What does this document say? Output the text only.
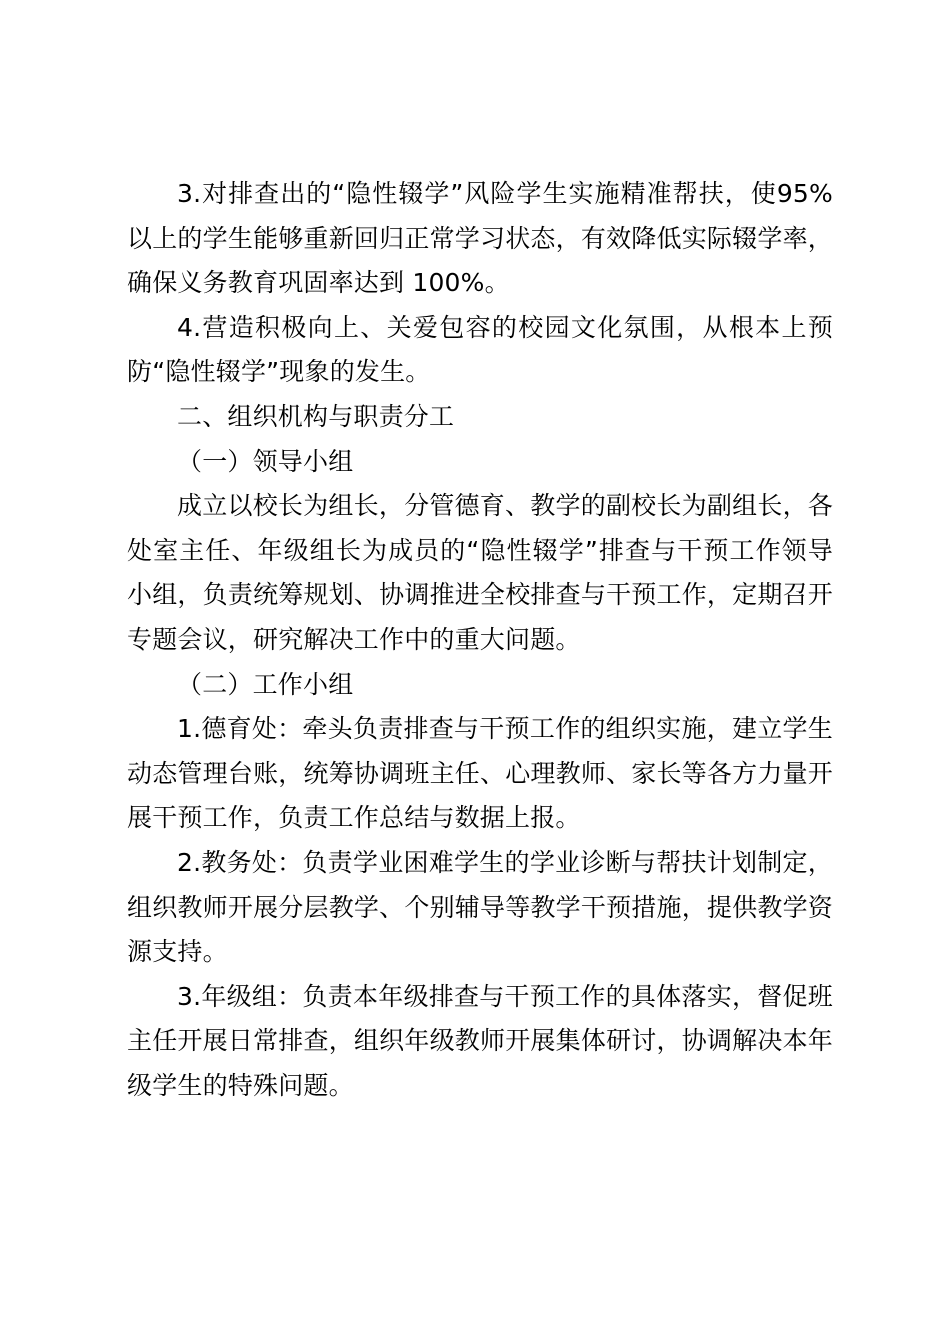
3.对排查出的“隐性辍学”风险学生实施精准帮扶，使95%以上的学生能够重新回归正常学习状态，有效降低实际辍学率，确保义务教育巩固率达到 100%。

4.营造积极向上、关爱包容的校园文化氛围，从根本上预防“隐性辍学”现象的发生。

二、组织机构与职责分工

（一）领导小组

成立以校长为组长，分管德育、教学的副校长为副组长，各处室主任、年级组长为成员的“隐性辍学”排查与干预工作领导小组，负责统筹规划、协调推进全校排查与干预工作，定期召开专题会议，研究解决工作中的重大问题。

（二）工作小组

1.德育处：牵头负责排查与干预工作的组织实施，建立学生动态管理台账，统筹协调班主任、心理教师、家长等各方力量开展干预工作，负责工作总结与数据上报。

2.教务处：负责学业困难学生的学业诊断与帮扶计划制定，组织教师开展分层教学、个别辅导等教学干预措施，提供教学资源支持。

3.年级组：负责本年级排查与干预工作的具体落实，督促班主任开展日常排查，组织年级教师开展集体研讨，协调解决本年级学生的特殊问题。
